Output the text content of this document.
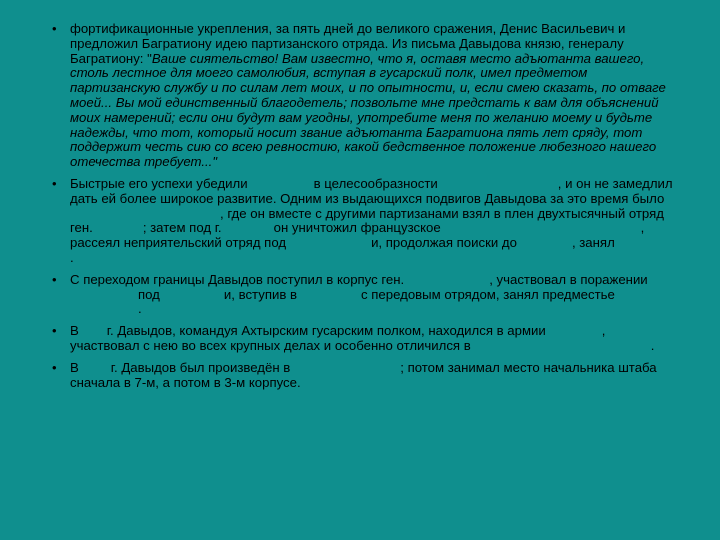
• фортификационные укрепления, за пять дней до великого сражения, Денис Васильевич и предложил Багратиону идею партизанского отряда. Из письма Давыдова князю, генералу Багратиону: "Ваше сиятельство! Вам известно, что я, оставя место адъютанта вашего, столь лестное для моего самолюбия, вступая в гусарский полк, имел предметом партизанскую службу и по силам лет моих, и по опытности, и, если смею сказать, по отваге моей... Вы мой единственный благодетель; позвольте мне предстать к вам для объяснений моих намерений; если они будут вам угодны, употребите меня по желанию моему и будьте надежды, что тот, который носит звание адъютанта Багратиона пять лет сряду, тот поддержит честь сию со всею ревностию, какой бедственное положение любезного нашего отечества требует..."
• Быстрые его успехи убедили	в целесообразности	, и он не замедлил дать ей более широкое развитие. Одним из выдающихся подвигов Давыдова за это время было, где он вместе с другими партизанами взял в плен двухтысячный отряд ген.	; затем под г.	он уничтожил французское	, рассеял неприятельский отряд под	и, продолжая поиски до	, занял.
• С переходом границы Давыдов поступил в корпус ген.	, участвовал в поражениипод	и, вступив в	с передовым отрядом, занял предместье.
• В г. Давыдов, командуя Ахтырским гусарским полком, находился в армии	, участвовал с нею во всех крупных делах и особенно отличился в	.
• В г. Давыдов был произведён в	; потом занимал место начальника штаба сначала в 7-м, а потом в 3-м корпусе.
